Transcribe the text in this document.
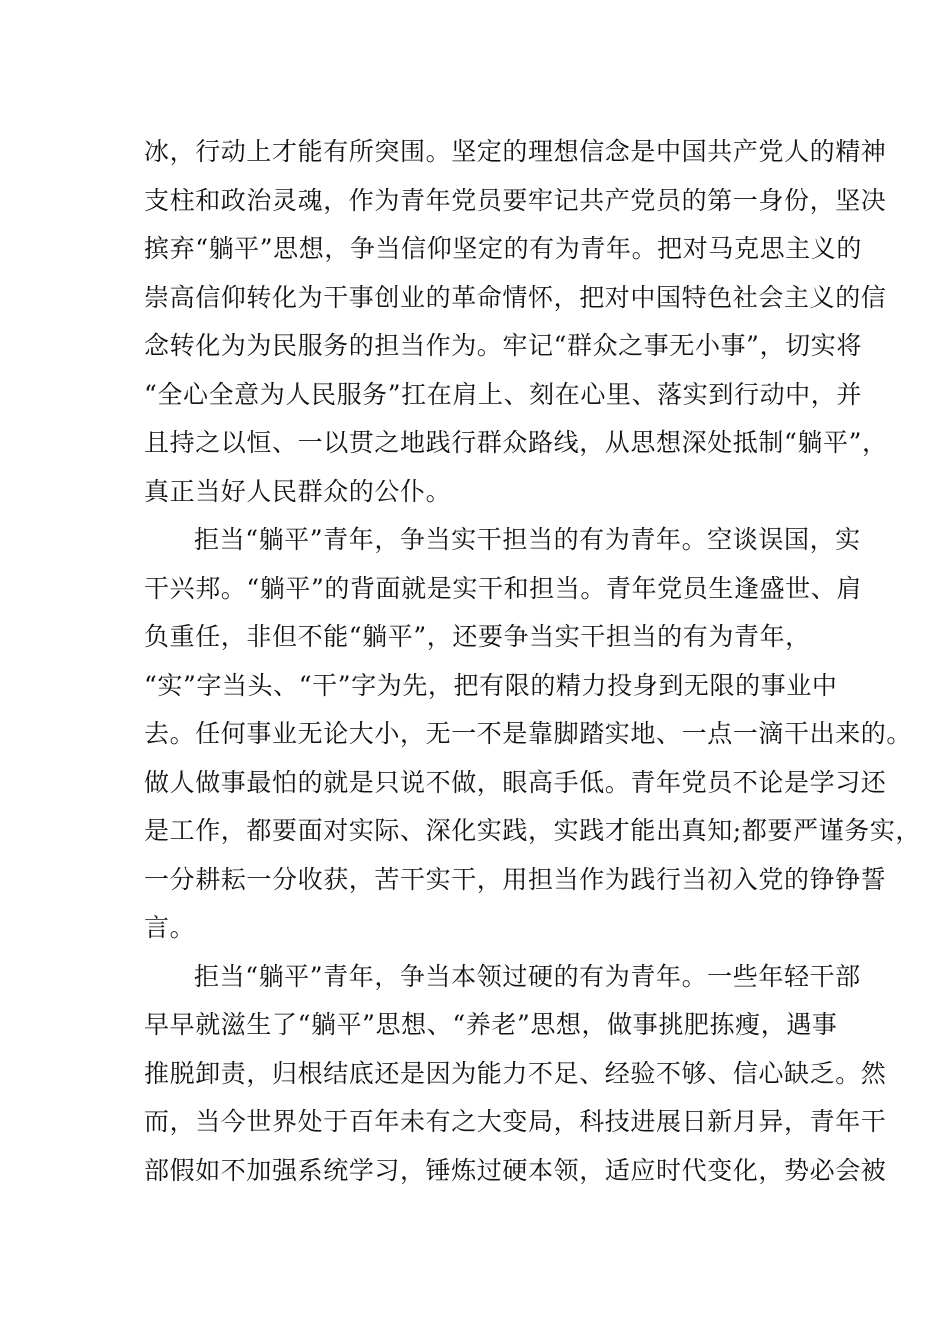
冰，行动上才能有所突围。坚定的理想信念是中国共产党人的精神
支柱和政治灵魂，作为青年党员要牢记共产党员的第一身份，坚决
摈弃“躺平”思想，争当信仰坚定的有为青年。把对马克思主义的
崇高信仰转化为干事创业的革命情怀，把对中国特色社会主义的信
念转化为为民服务的担当作为。牢记“群众之事无小事”，切实将
“全心全意为人民服务”扛在肩上、刻在心里、落实到行动中，并
且持之以恒、一以贯之地践行群众路线，从思想深处抵制“躺平”，
真正当好人民群众的公仆。
拒当“躺平”青年，争当实干担当的有为青年。空谈误国，实
干兴邦。“躺平”的背面就是实干和担当。青年党员生逢盛世、肩
负重任，非但不能“躺平”，还要争当实干担当的有为青年，
“实”字当头、“干”字为先，把有限的精力投身到无限的事业中
去。任何事业无论大小，无一不是靠脚踏实地、一点一滴干出来的。
做人做事最怕的就是只说不做，眼高手低。青年党员不论是学习还
是工作，都要面对实际、深化实践，实践才能出真知;都要严谨务实，
一分耕耘一分收获，苦干实干，用担当作为践行当初入党的铮铮誓
言。
拒当“躺平”青年，争当本领过硬的有为青年。一些年轻干部
早早就滋生了“躺平”思想、“养老”思想，做事挑肥拣瘦，遇事
推脱卸责，归根结底还是因为能力不足、经验不够、信心缺乏。然
而，当今世界处于百年未有之大变局，科技进展日新月异，青年干
部假如不加强系统学习，锤炼过硬本领，适应时代变化，势必会被
